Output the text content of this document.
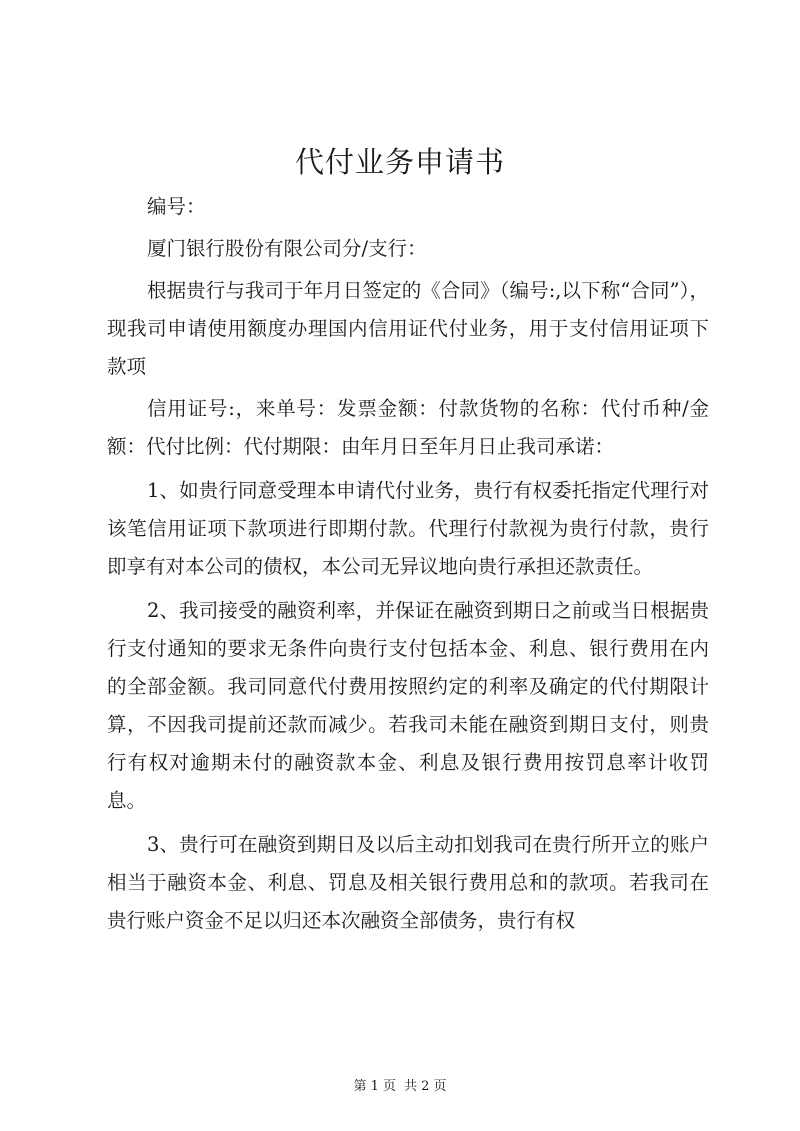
代付业务申请书

编号：

厦门银行股份有限公司分/支行：

根据贵行与我司于年月日签定的《合同》（编号:,以下称“合同”），现我司申请使用额度办理国内信用证代付业务，用于支付信用证项下款项

信用证号:，来单号：发票金额：付款货物的名称：代付币种/金额：代付比例：代付期限：由年月日至年月日止我司承诺：

1、如贵行同意受理本申请代付业务，贵行有权委托指定代理行对该笔信用证项下款项进行即期付款。代理行付款视为贵行付款，贵行即享有对本公司的债权，本公司无异议地向贵行承担还款责任。

2、我司接受的融资利率，并保证在融资到期日之前或当日根据贵行支付通知的要求无条件向贵行支付包括本金、利息、银行费用在内的全部金额。我司同意代付费用按照约定的利率及确定的代付期限计算，不因我司提前还款而减少。若我司未能在融资到期日支付，则贵行有权对逾期未付的融资款本金、利息及银行费用按罚息率计收罚息。

3、贵行可在融资到期日及以后主动扣划我司在贵行所开立的账户相当于融资本金、利息、罚息及相关银行费用总和的款项。若我司在贵行账户资金不足以归还本次融资全部债务，贵行有权

第 1 页 共 2 页
